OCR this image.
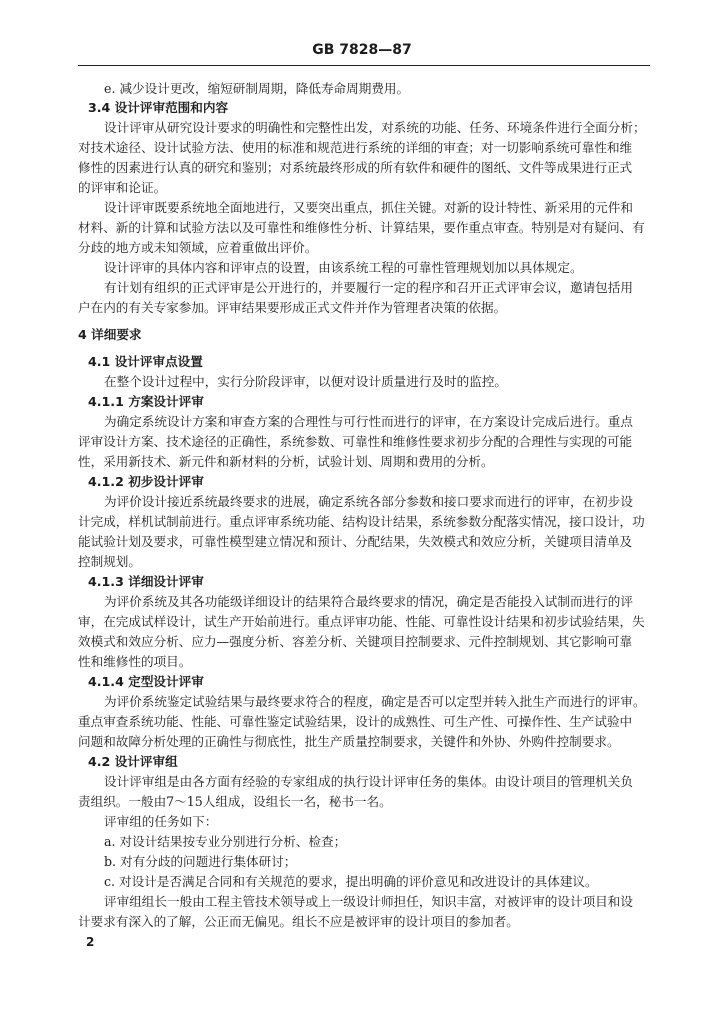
GB 7828—87

e. 减少设计更改，缩短研制周期，降低寿命周期费用。

3.4 设计评审范围和内容

设计评审从研究设计要求的明确性和完整性出发，对系统的功能、任务、环境条件进行全面分析；

对技术途径、设计试验方法、使用的标准和规范进行系统的详细的审查；对一切影响系统可靠性和维

修性的因素进行认真的研究和鉴别；对系统最终形成的所有软件和硬件的图纸、文件等成果进行正式

的评审和论证。

设计评审既要系统地全面地进行，又要突出重点，抓住关键。对新的设计特性、新采用的元件和

材料、新的计算和试验方法以及可靠性和维修性分析、计算结果，要作重点审查。特别是对有疑问、有

分歧的地方或未知领域，应着重做出评价。

设计评审的具体内容和评审点的设置，由该系统工程的可靠性管理规划加以具体规定。

有计划有组织的正式评审是公开进行的，并要履行一定的程序和召开正式评审会议，邀请包括用

户在内的有关专家参加。评审结果要形成正式文件并作为管理者决策的依据。

4 详细要求

4.1 设计评审点设置

在整个设计过程中，实行分阶段评审，以便对设计质量进行及时的监控。

4.1.1 方案设计评审

为确定系统设计方案和审查方案的合理性与可行性而进行的评审，在方案设计完成后进行。重点

评审设计方案、技术途径的正确性，系统参数、可靠性和维修性要求初步分配的合理性与实现的可能

性，采用新技术、新元件和新材料的分析，试验计划、周期和费用的分析。

4.1.2 初步设计评审

为评价设计接近系统最终要求的进展，确定系统各部分参数和接口要求而进行的评审，在初步设

计完成，样机试制前进行。重点评审系统功能、结构设计结果，系统参数分配落实情况，接口设计，功

能试验计划及要求，可靠性模型建立情况和预计、分配结果，失效模式和效应分析，关键项目清单及

控制规划。

4.1.3 详细设计评审

为评价系统及其各功能级详细设计的结果符合最终要求的情况，确定是否能投入试制而进行的评

审，在完成试样设计，试生产开始前进行。重点评审功能、性能、可靠性设计结果和初步试验结果，失

效模式和效应分析、应力—强度分析、容差分析、关键项目控制要求、元件控制规划、其它影响可靠

性和维修性的项目。

4.1.4 定型设计评审

为评价系统鉴定试验结果与最终要求符合的程度，确定是否可以定型并转入批生产而进行的评审。

重点审查系统功能、性能、可靠性鉴定试验结果，设计的成熟性、可生产性、可操作性、生产试验中

问题和故障分析处理的正确性与彻底性，批生产质量控制要求，关键件和外协、外购件控制要求。

4.2 设计评审组

设计评审组是由各方面有经验的专家组成的执行设计评审任务的集体。由设计项目的管理机关负

责组织。一般由7～15人组成，设组长一名，秘书一名。

评审组的任务如下：

a. 对设计结果按专业分别进行分析、检查；

b. 对有分歧的问题进行集体研讨；

c. 对设计是否满足合同和有关规范的要求，提出明确的评价意见和改进设计的具体建议。

评审组组长一般由工程主管技术领导或上一级设计师担任，知识丰富，对被评审的设计项目和设

计要求有深入的了解，公正而无偏见。组长不应是被评审的设计项目的参加者。

2
